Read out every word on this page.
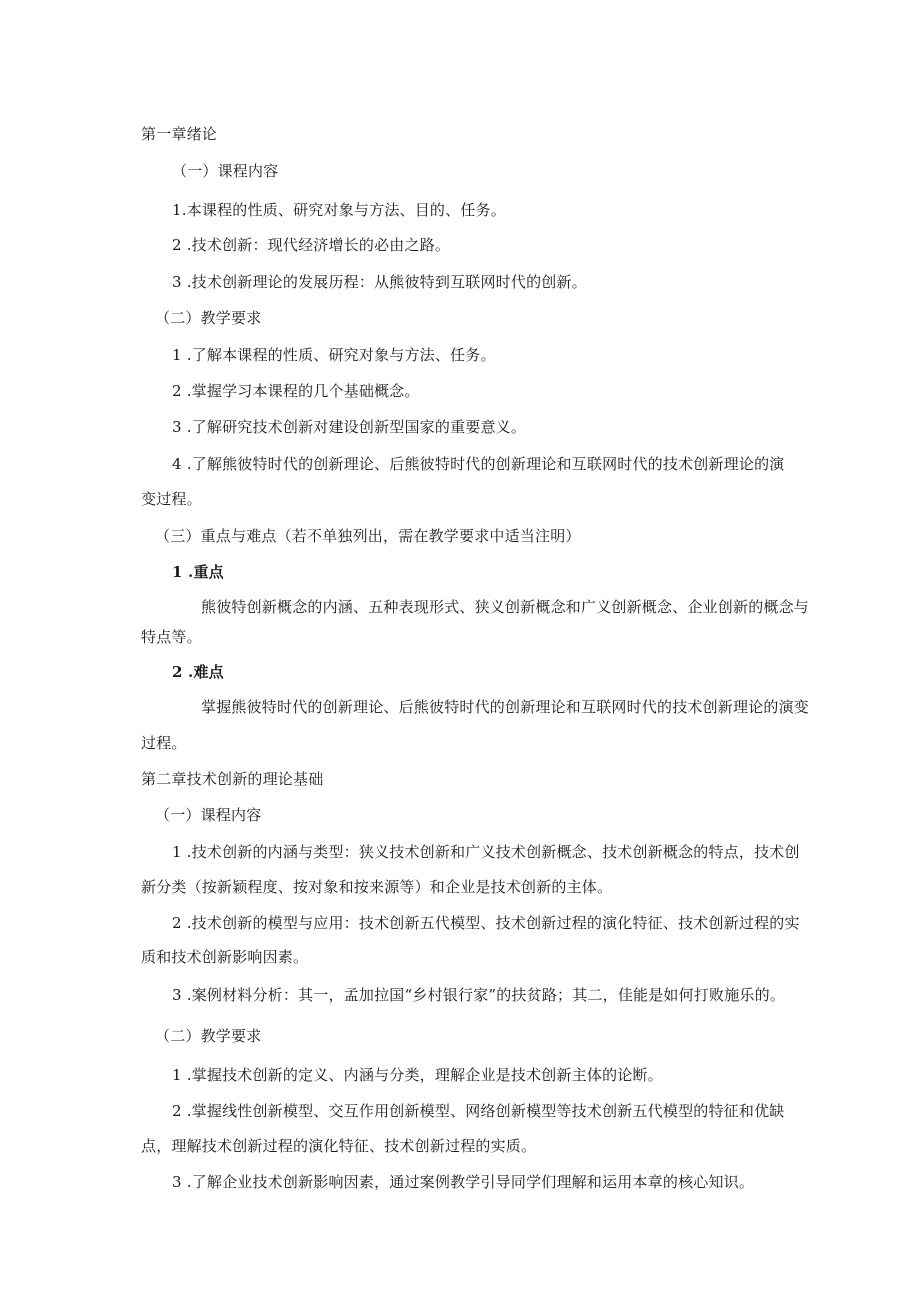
第一章绪论
（一）课程内容
1.本课程的性质、研究对象与方法、目的、任务。
2 .技术创新：现代经济增长的必由之路。
3 .技术创新理论的发展历程：从熊彼特到互联网时代的创新。
（二）教学要求
1 .了解本课程的性质、研究对象与方法、任务。
2 .掌握学习本课程的几个基础概念。
3 .了解研究技术创新对建设创新型国家的重要意义。
4 .了解熊彼特时代的创新理论、后熊彼特时代的创新理论和互联网时代的技术创新理论的演
变过程。
（三）重点与难点（若不单独列出，需在教学要求中适当注明）
1 .重点
熊彼特创新概念的内涵、五种表现形式、狭义创新概念和广义创新概念、企业创新的概念与
特点等。
2 .难点
掌握熊彼特时代的创新理论、后熊彼特时代的创新理论和互联网时代的技术创新理论的演变
过程。
第二章技术创新的理论基础
（一）课程内容
1 .技术创新的内涵与类型：狭义技术创新和广义技术创新概念、技术创新概念的特点，技术创
新分类（按新颖程度、按对象和按来源等）和企业是技术创新的主体。
2 .技术创新的模型与应用：技术创新五代模型、技术创新过程的演化特征、技术创新过程的实
质和技术创新影响因素。
3 .案例材料分析：其一，孟加拉国“乡村银行家”的扶贫路；其二，佳能是如何打败施乐的。
（二）教学要求
1 .掌握技术创新的定义、内涵与分类，理解企业是技术创新主体的论断。
2 .掌握线性创新模型、交互作用创新模型、网络创新模型等技术创新五代模型的特征和优缺
点，理解技术创新过程的演化特征、技术创新过程的实质。
3 .了解企业技术创新影响因素，通过案例教学引导同学们理解和运用本章的核心知识。
